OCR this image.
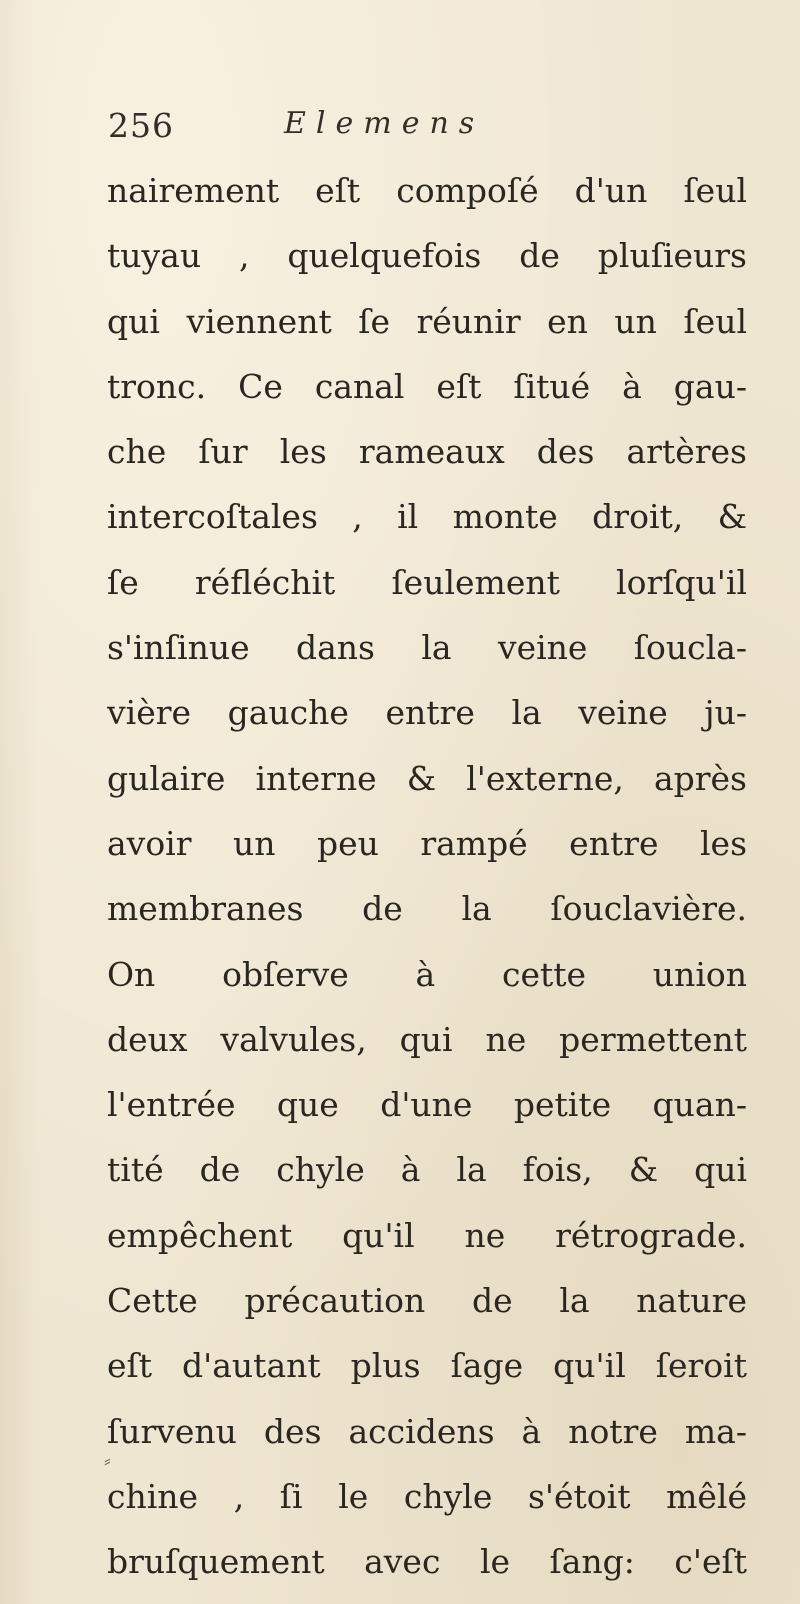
256	Elemens
nairement eſt compoſé d'un ſeul
tuyau , quelquefois de pluſieurs
qui viennent ſe réunir en un ſeul
tronc. Ce canal eſt ſitué à gau-
che ſur les rameaux des artères
intercoſtales , il monte droit, &
ſe réfléchit ſeulement lorſqu'il
s'inſinue dans la veine ſoucla-
vière gauche entre la veine ju-
gulaire interne & l'externe, après
avoir un peu rampé entre les
membranes de la ſouclavière.
On obſerve à cette union
deux valvules, qui ne permettent
l'entrée que d'une petite quan-
tité de chyle à la fois, & qui
empêchent qu'il ne rétrograde.
Cette précaution de la nature
eſt d'autant plus ſage qu'il ſeroit
ſurvenu des accidens à notre ma-
chine , ſi le chyle s'étoit mêlé
bruſquement avec le ſang: c'eſt
⸗
